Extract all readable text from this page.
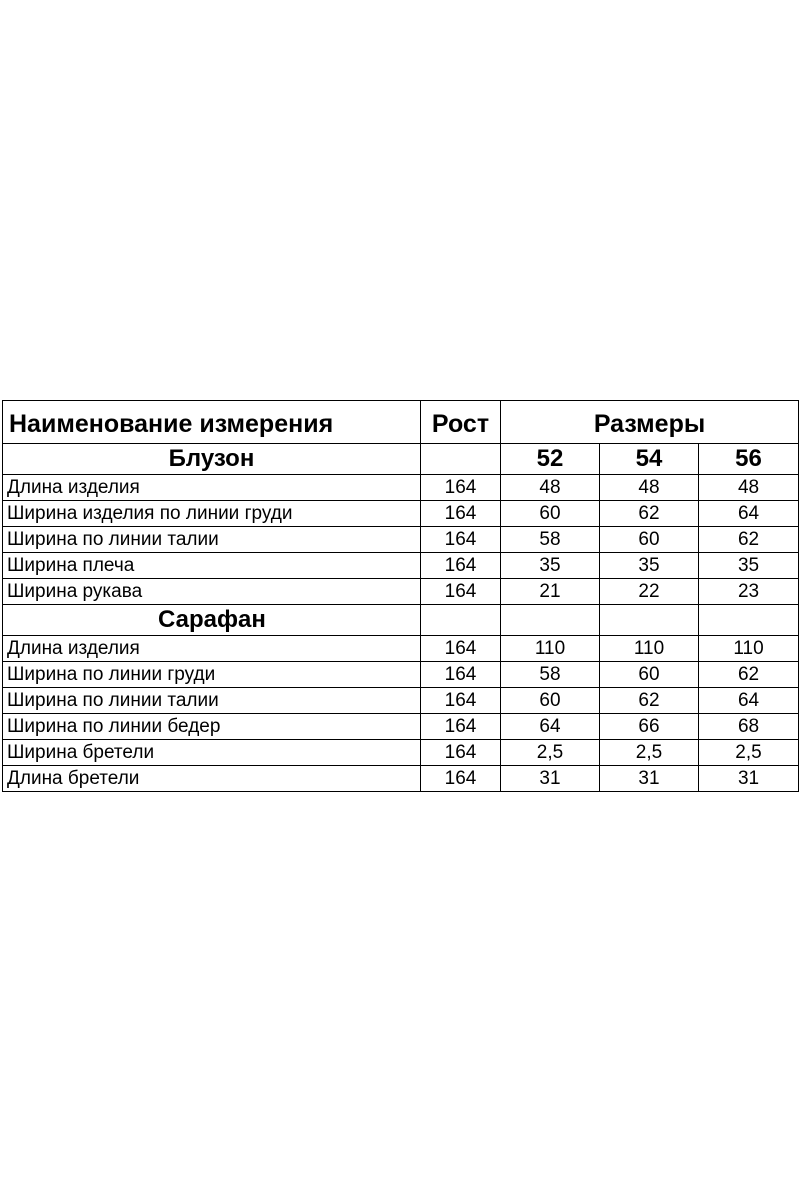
Наименование измерения	Рост	Размеры		
Блузон		52	54	56
Длина изделия	164	48	48	48
Ширина изделия по линии груди	164	60	62	64
Ширина по линии талии	164	58	60	62
Ширина плеча	164	35	35	35
Ширина рукава	164	21	22	23
Сарафан				
Длина изделия	164	110	110	110
Ширина по линии груди	164	58	60	62
Ширина по линии талии	164	60	62	64
Ширина по линии бедер	164	64	66	68
Ширина бретели	164	2,5	2,5	2,5
Длина бретели	164	31	31	31
